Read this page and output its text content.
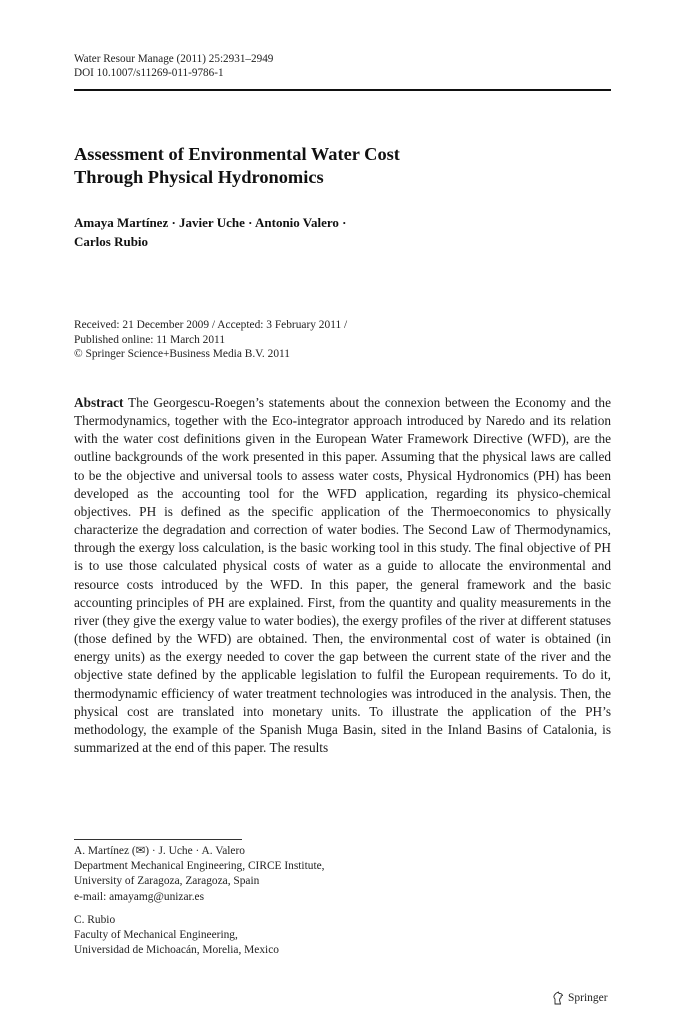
Water Resour Manage (2011) 25:2931–2949
DOI 10.1007/s11269-011-9786-1
Assessment of Environmental Water Cost
Through Physical Hydronomics
Amaya Martínez · Javier Uche · Antonio Valero ·
Carlos Rubio
Received: 21 December 2009 / Accepted: 3 February 2011 /
Published online: 11 March 2011
© Springer Science+Business Media B.V. 2011
Abstract The Georgescu-Roegen’s statements about the connexion between the Economy and the Thermodynamics, together with the Eco-integrator approach introduced by Naredo and its relation with the water cost definitions given in the European Water Framework Directive (WFD), are the outline backgrounds of the work presented in this paper. Assuming that the physical laws are called to be the objective and universal tools to assess water costs, Physical Hydronomics (PH) has been developed as the accounting tool for the WFD application, regarding its physico-chemical objectives. PH is defined as the specific application of the Thermoeconomics to physically characterize the degradation and correction of water bodies. The Second Law of Thermodynamics, through the exergy loss calculation, is the basic working tool in this study. The final objective of PH is to use those calculated physical costs of water as a guide to allocate the environmental and resource costs introduced by the WFD. In this paper, the general framework and the basic accounting principles of PH are explained. First, from the quantity and quality measurements in the river (they give the exergy value to water bodies), the exergy profiles of the river at different statuses (those defined by the WFD) are obtained. Then, the environmental cost of water is obtained (in energy units) as the exergy needed to cover the gap between the current state of the river and the objective state defined by the applicable legislation to fulfil the European requirements. To do it, thermodynamic efficiency of water treatment technologies was introduced in the analysis. Then, the physical cost are translated into monetary units. To illustrate the application of the PH’s methodology, the example of the Spanish Muga Basin, sited in the Inland Basins of Catalonia, is summarized at the end of this paper. The results

A. Martínez (✉) · J. Uche · A. Valero

Department Mechanical Engineering, CIRCE Institute,

University of Zaragoza, Zaragoza, Spain

e-mail: amayamg@unizar.es

C. Rubio

Faculty of Mechanical Engineering,

Universidad de Michoacán, Morelia, Mexico

Springer
